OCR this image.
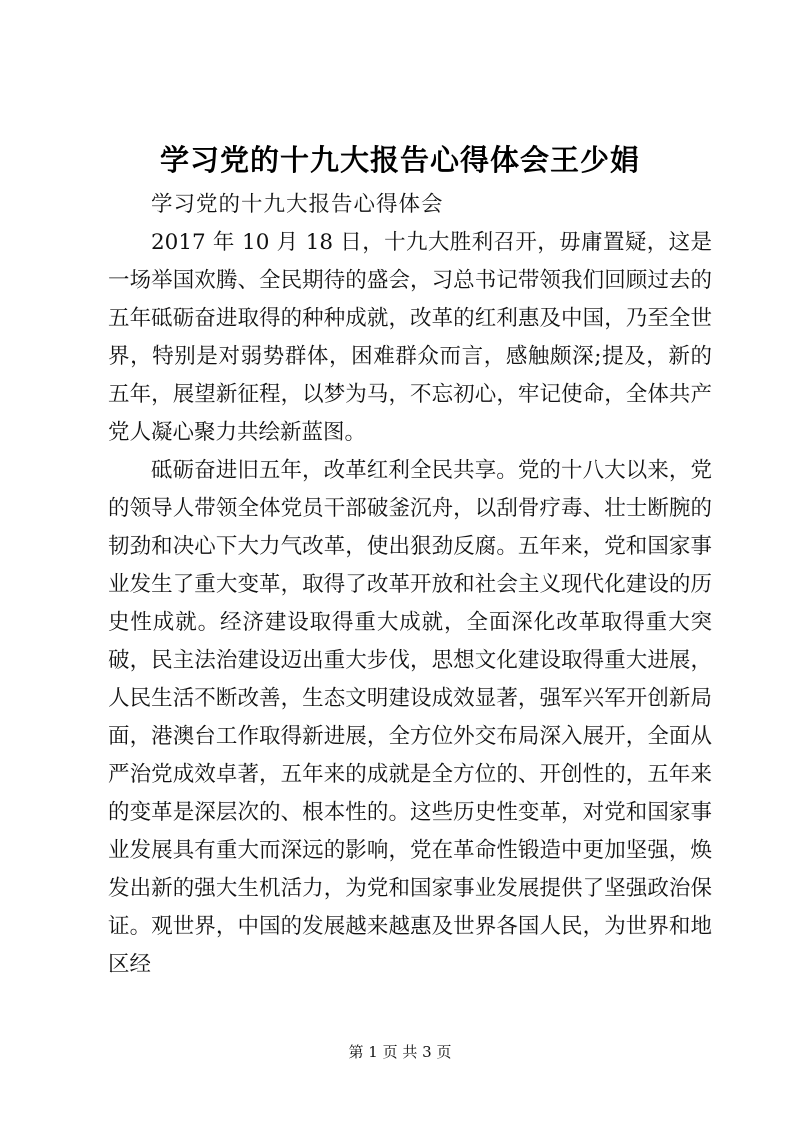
学习党的十九大报告心得体会王少娟

学习党的十九大报告心得体会

2017 年 10 月 18 日，十九大胜利召开，毋庸置疑，这是一场举国欢腾、全民期待的盛会，习总书记带领我们回顾过去的五年砥砺奋进取得的种种成就，改革的红利惠及中国，乃至全世界，特别是对弱势群体，困难群众而言，感触颇深;提及，新的五年，展望新征程，以梦为马，不忘初心，牢记使命，全体共产党人凝心聚力共绘新蓝图。

砥砺奋进旧五年，改革红利全民共享。党的十八大以来，党的领导人带领全体党员干部破釜沉舟，以刮骨疗毒、壮士断腕的韧劲和决心下大力气改革，使出狠劲反腐。五年来，党和国家事业发生了重大变革，取得了改革开放和社会主义现代化建设的历史性成就。经济建设取得重大成就，全面深化改革取得重大突破，民主法治建设迈出重大步伐，思想文化建设取得重大进展，人民生活不断改善，生态文明建设成效显著，强军兴军开创新局面，港澳台工作取得新进展，全方位外交布局深入展开，全面从严治党成效卓著，五年来的成就是全方位的、开创性的，五年来的变革是深层次的、根本性的。这些历史性变革，对党和国家事业发展具有重大而深远的影响，党在革命性锻造中更加坚强，焕发出新的强大生机活力，为党和国家事业发展提供了坚强政治保证。观世界，中国的发展越来越惠及世界各国人民，为世界和地区经

第 1 页 共 3 页
